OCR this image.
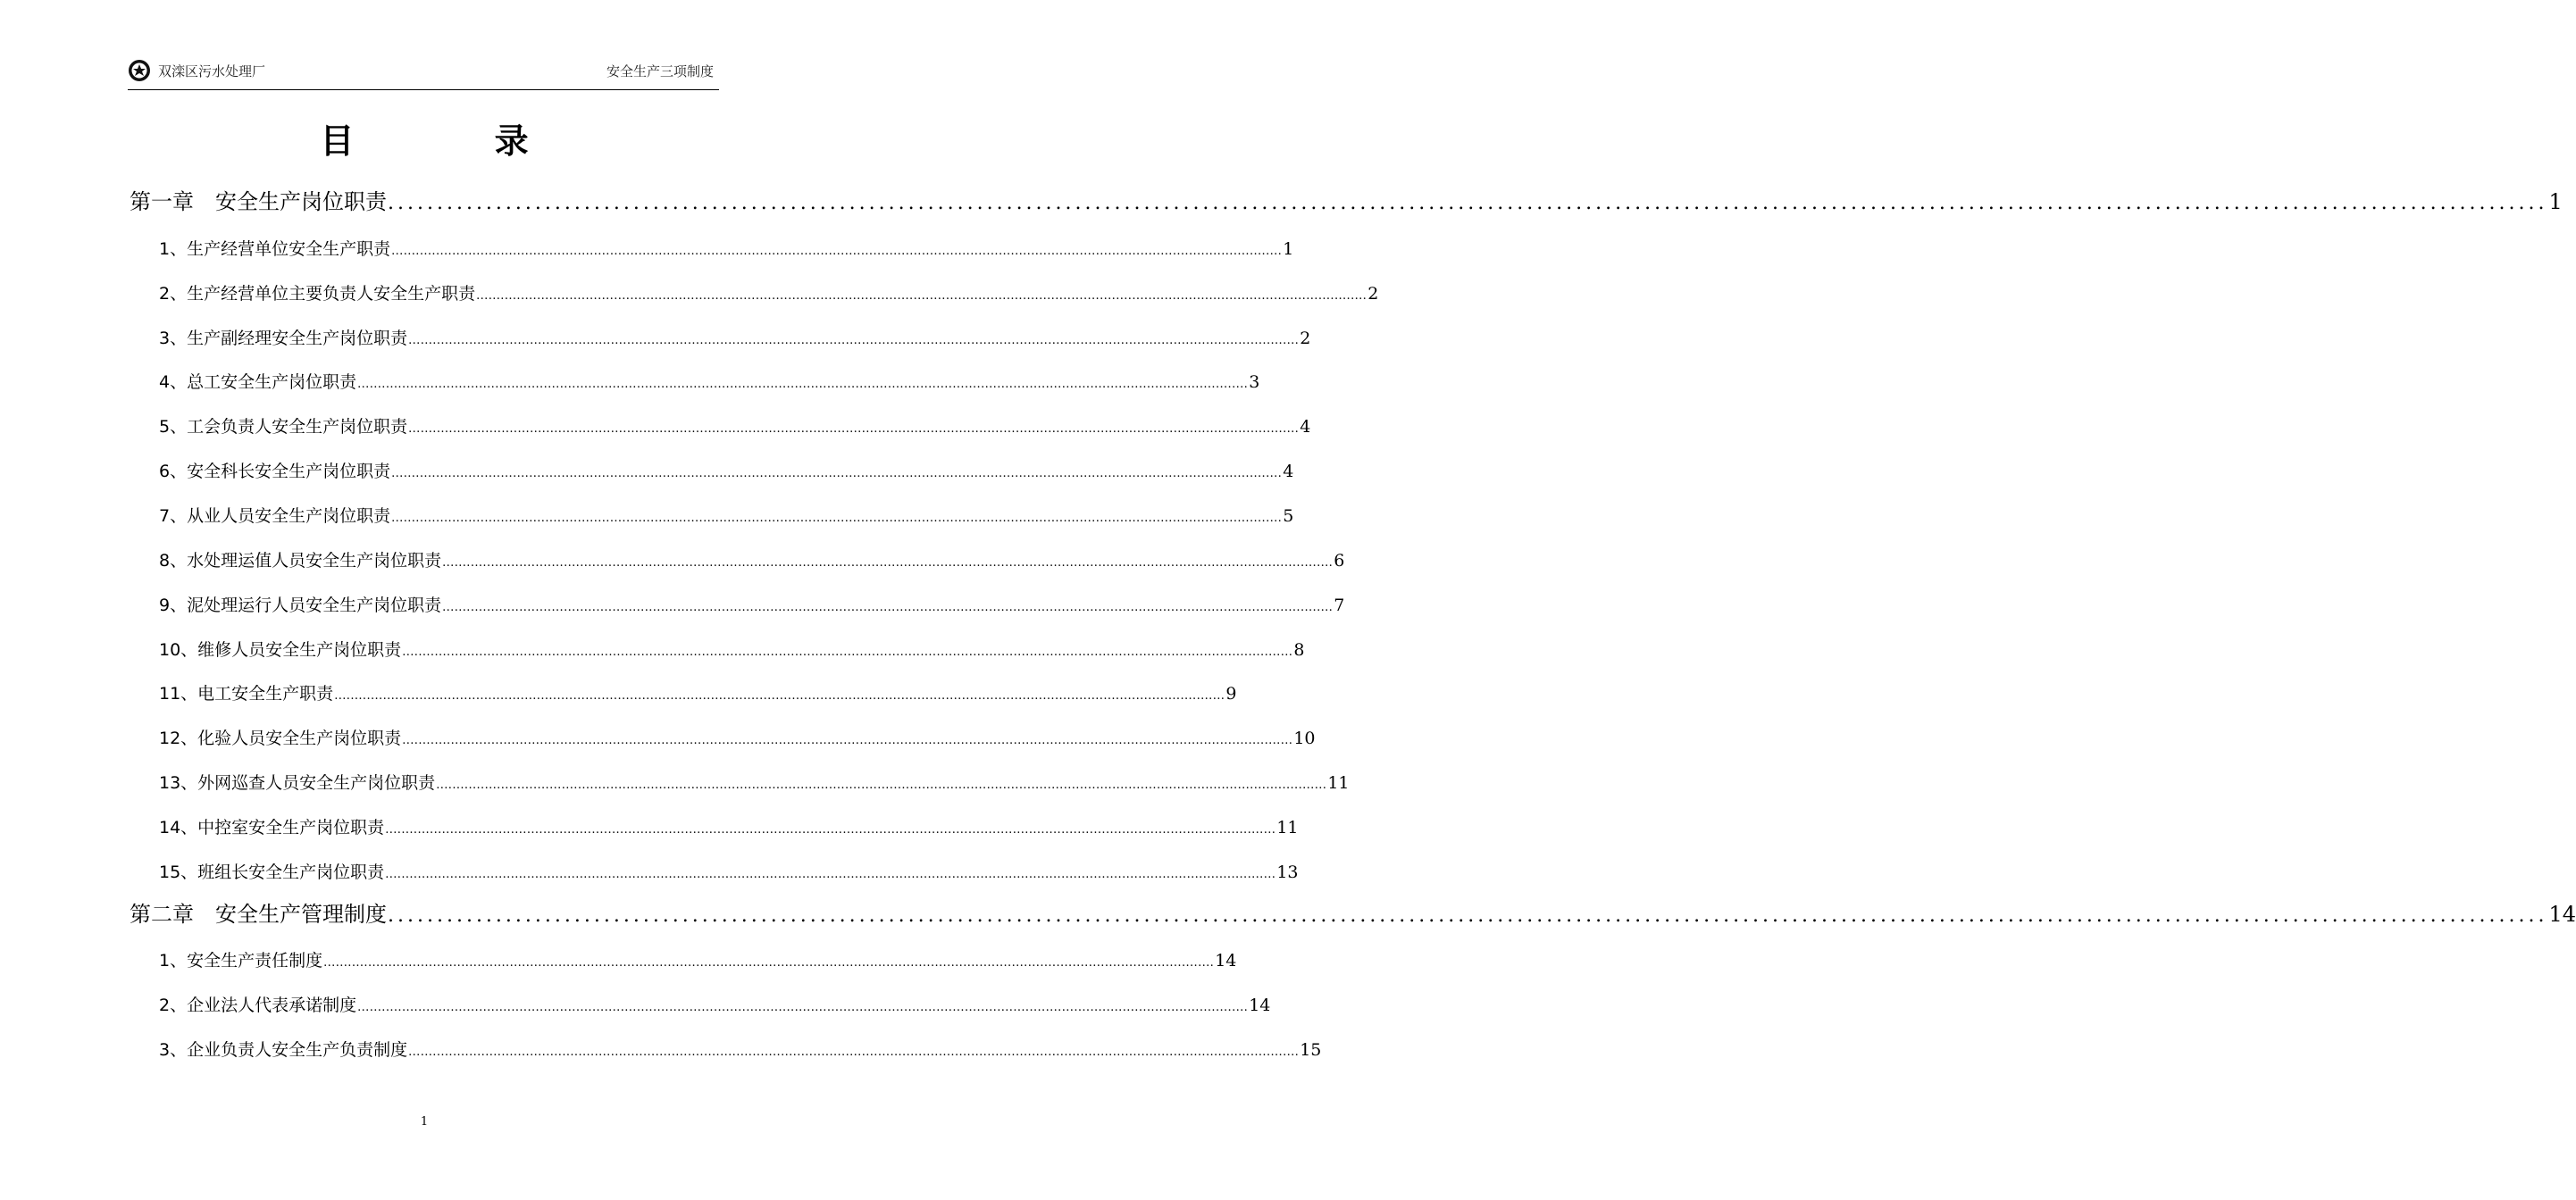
双滦区污水处理厂	安全生产三项制度
目 录
第一章　安全生产岗位职责 ............................................................................................................................................................................................................................ 1
1、生产经营单位安全生产职责 ............................................................................................................................................................................................................................ 1
2、生产经营单位主要负责人安全生产职责 ............................................................................................................................................................................................................................ 2
3、生产副经理安全生产岗位职责 ............................................................................................................................................................................................................................ 2
4、总工安全生产岗位职责 ............................................................................................................................................................................................................................ 3
5、工会负责人安全生产岗位职责 ............................................................................................................................................................................................................................ 4
6、安全科长安全生产岗位职责 ............................................................................................................................................................................................................................ 4
7、从业人员安全生产岗位职责 ............................................................................................................................................................................................................................ 5
8、水处理运值人员安全生产岗位职责 ............................................................................................................................................................................................................................ 6
9、泥处理运行人员安全生产岗位职责 ............................................................................................................................................................................................................................ 7
10、维修人员安全生产岗位职责 ............................................................................................................................................................................................................................ 8
11、电工安全生产职责 ............................................................................................................................................................................................................................ 9
12、化验人员安全生产岗位职责 ............................................................................................................................................................................................................................ 10
13、外网巡查人员安全生产岗位职责 ............................................................................................................................................................................................................................ 11
14、中控室安全生产岗位职责 ............................................................................................................................................................................................................................ 11
15、班组长安全生产岗位职责 ............................................................................................................................................................................................................................ 13
第二章　安全生产管理制度 ............................................................................................................................................................................................................................ 14
1、安全生产责任制度 ............................................................................................................................................................................................................................ 14
2、企业法人代表承诺制度 ............................................................................................................................................................................................................................ 14
3、企业负责人安全生产负责制度 ............................................................................................................................................................................................................................ 15
1
